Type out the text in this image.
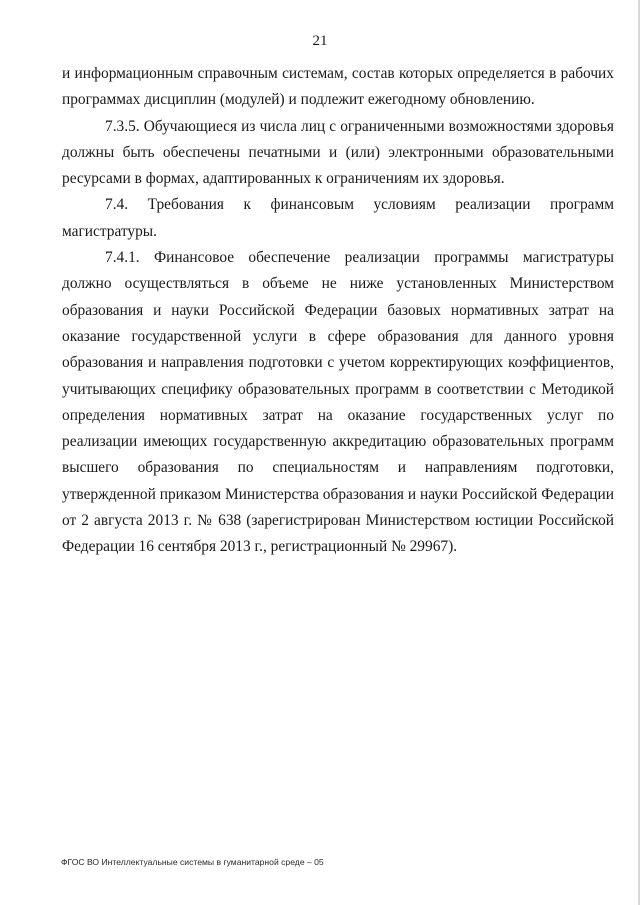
21

и информационным справочным системам, состав которых определяется в рабочих программах дисциплин (модулей) и подлежит ежегодному обновлению.

7.3.5. Обучающиеся из числа лиц с ограниченными возможностями здоровья должны быть обеспечены печатными и (или) электронными образовательными ресурсами в формах, адаптированных к ограничениям их здоровья.

7.4. Требования к финансовым условиям реализации программ магистратуры.

7.4.1. Финансовое обеспечение реализации программы магистратуры должно осуществляться в объеме не ниже установленных Министерством образования и науки Российской Федерации базовых нормативных затрат на оказание государственной услуги в сфере образования для данного уровня образования и направления подготовки с учетом корректирующих коэффициентов, учитывающих специфику образовательных программ в соответствии с Методикой определения нормативных затрат на оказание государственных услуг по реализации имеющих государственную аккредитацию образовательных программ высшего образования по специальностям и направлениям подготовки, утвержденной приказом Министерства образования и науки Российской Федерации от 2 августа 2013 г. № 638 (зарегистрирован Министерством юстиции Российской Федерации 16 сентября 2013 г., регистрационный № 29967).

ФГОС ВО Интеллектуальные системы в гуманитарной среде – 05
